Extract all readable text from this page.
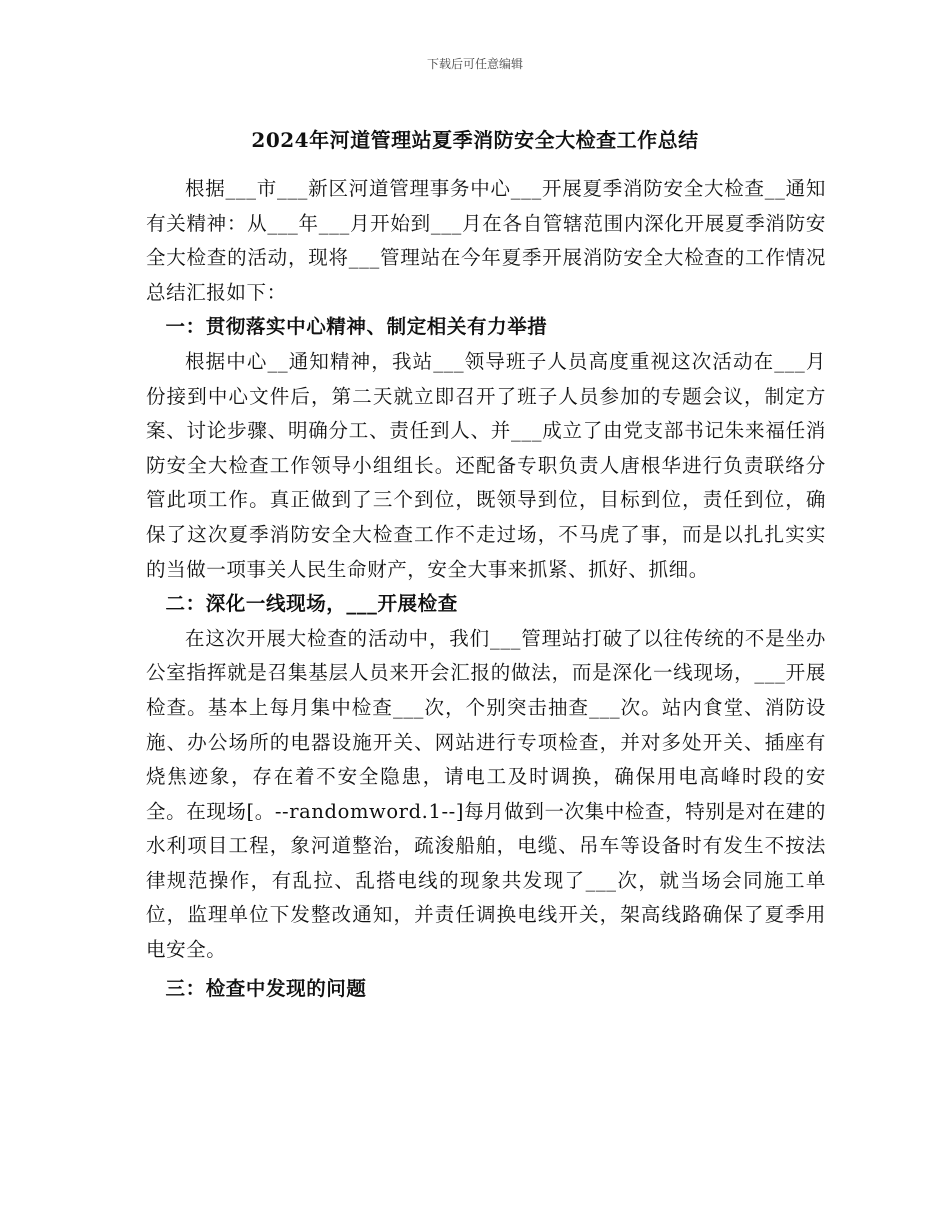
下载后可任意编辑
2024年河道管理站夏季消防安全大检查工作总结

根据___市___新区河道管理事务中心___开展夏季消防安全大检查__通知有关精神：从___年___月开始到___月在各自管辖范围内深化开展夏季消防安全大检查的活动，现将___管理站在今年夏季开展消防安全大检查的工作情况总结汇报如下：

一：贯彻落实中心精神、制定相关有力举措

根据中心__通知精神，我站___领导班子人员高度重视这次活动在___月份接到中心文件后，第二天就立即召开了班子人员参加的专题会议，制定方案、讨论步骤、明确分工、责任到人、并___成立了由党支部书记朱来福任消防安全大检查工作领导小组组长。还配备专职负责人唐根华进行负责联络分管此项工作。真正做到了三个到位，既领导到位，目标到位，责任到位，确保了这次夏季消防安全大检查工作不走过场，不马虎了事，而是以扎扎实实的当做一项事关人民生命财产，安全大事来抓紧、抓好、抓细。

二：深化一线现场，___开展检查

在这次开展大检查的活动中，我们___管理站打破了以往传统的不是坐办公室指挥就是召集基层人员来开会汇报的做法，而是深化一线现场，___开展检查。基本上每月集中检查___次，个别突击抽查___次。站内食堂、消防设施、办公场所的电器设施开关、网站进行专项检查，并对多处开关、插座有烧焦迹象，存在着不安全隐患，请电工及时调换，确保用电高峰时段的安全。在现场[。--randomword.1--]每月做到一次集中检查，特别是对在建的水利项目工程，象河道整治，疏浚船舶，电缆、吊车等设备时有发生不按法律规范操作，有乱拉、乱搭电线的现象共发现了___次，就当场会同施工单位，监理单位下发整改通知，并责任调换电线开关，架高线路确保了夏季用电安全。

三：检查中发现的问题
